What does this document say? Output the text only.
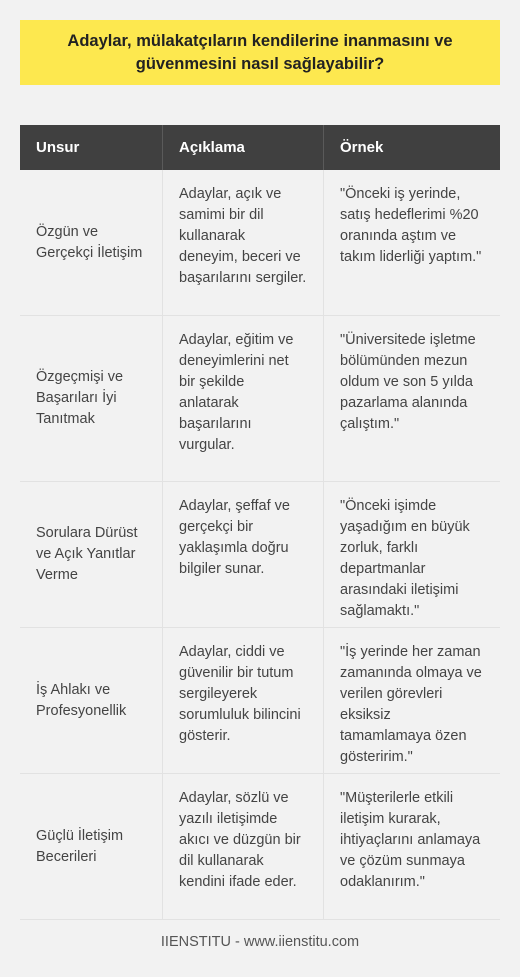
Adaylar, mülakatçıların kendilerine inanmasını ve güvenmesini nasıl sağlayabilir?
Unsur	Açıklama	Örnek
Özgün ve Gerçekçi İletişim
Adaylar, açık ve samimi bir dil kullanarak deneyim, beceri ve başarılarını sergiler.
"Önceki iş yerinde, satış hedeflerimi %20 oranında aştım ve takım liderliği yaptım."
Özgeçmişi ve Başarıları İyi Tanıtmak
Adaylar, eğitim ve deneyimlerini net bir şekilde anlatarak başarılarını vurgular.
"Üniversitede işletme bölümünden mezun oldum ve son 5 yılda pazarlama alanında çalıştım."
Sorulara Dürüst ve Açık Yanıtlar Verme
Adaylar, şeffaf ve gerçekçi bir yaklaşımla doğru bilgiler sunar.
"Önceki işimde yaşadığım en büyük zorluk, farklı departmanlar arasındaki iletişimi sağlamaktı."
İş Ahlakı ve Profesyonellik
Adaylar, ciddi ve güvenilir bir tutum sergileyerek sorumluluk bilincini gösterir.
"İş yerinde her zaman zamanında olmaya ve verilen görevleri eksiksiz tamamlamaya özen gösteririm."
Güçlü İletişim Becerileri
Adaylar, sözlü ve yazılı iletişimde akıcı ve düzgün bir dil kullanarak kendini ifade eder.
"Müşterilerle etkili iletişim kurarak, ihtiyaçlarını anlamaya ve çözüm sunmaya odaklanırım."
IIENSTITU - www.iienstitu.com
